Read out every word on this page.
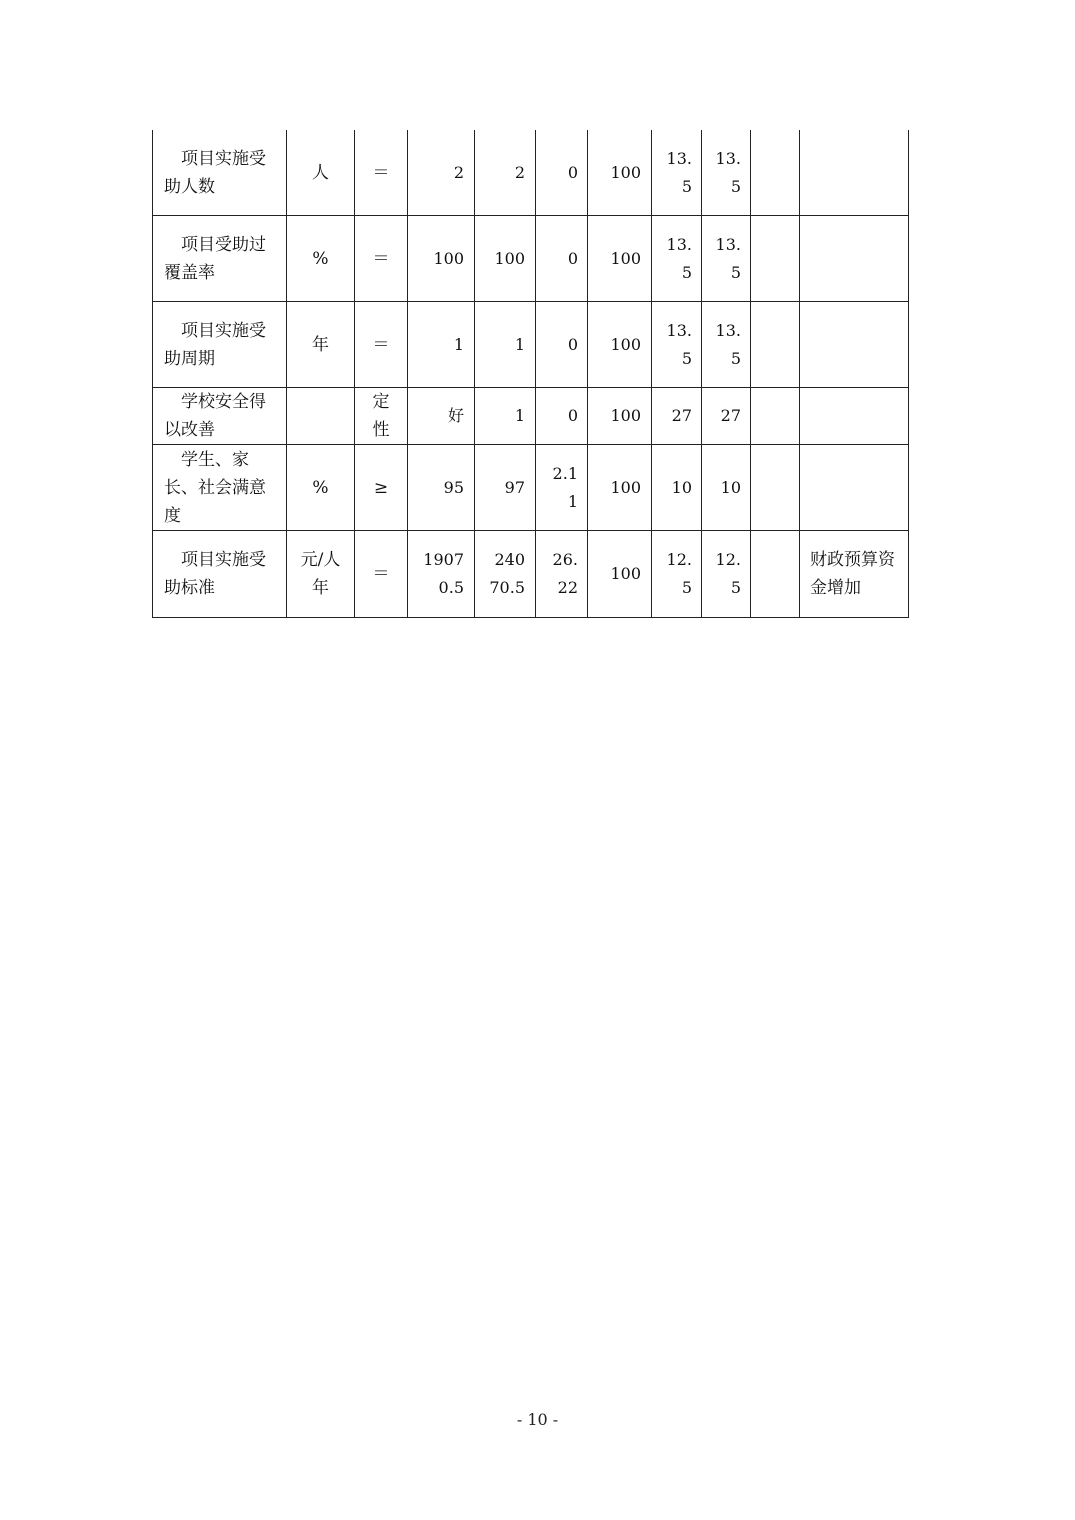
项目实施受助人数	人	＝	2	2	0	100	13.5	13.5		
项目受助过覆盖率	%	＝	100	100	0	100	13.5	13.5		
项目实施受助周期	年	＝	1	1	0	100	13.5	13.5		
学校安全得以改善		定性	好	1	0	100	27	27		
学生、家长、社会满意度	%	≥	95	97	2.11	100	10	10		
项目实施受助标准	元/人年	＝	19070.5	24070.5	26.22	100	12.5	12.5		财政预算资金增加
- 10 -
